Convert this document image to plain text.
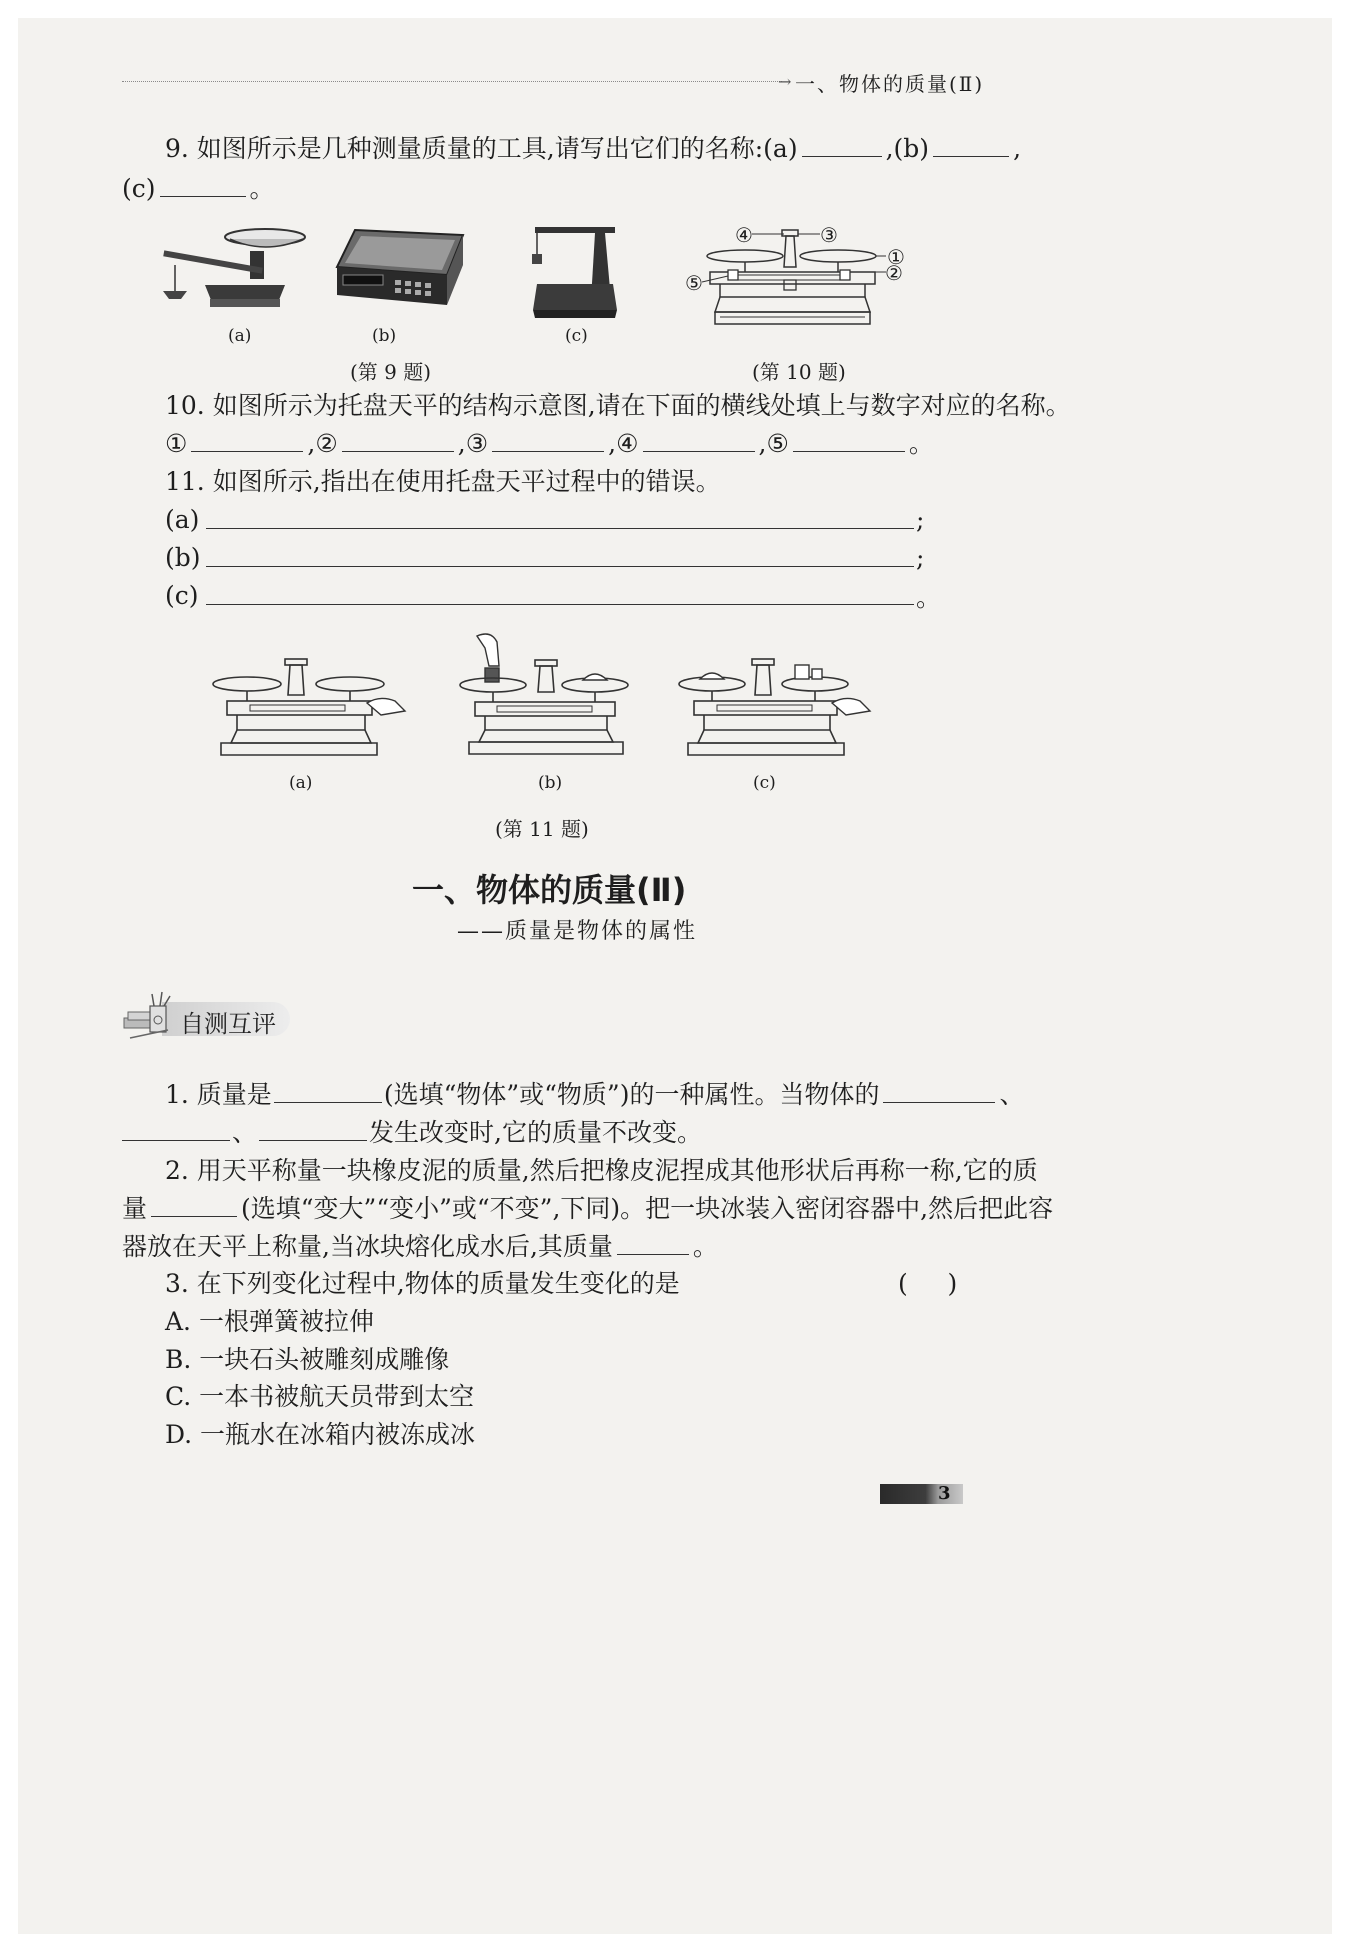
→ 一、物体的质量(Ⅱ)
9. 如图所示是几种测量质量的工具,请写出它们的名称:(a)	,(b)	,
(c)	。
(a)	(b)	(c)
(第 9 题)
④	③
①
②
⑤
(第 10 题)
10. 如图所示为托盘天平的结构示意图,请在下面的横线处填上与数字对应的名称。
①	,②	,③	,④	,⑤	。
11. 如图所示,指出在使用托盘天平过程中的错误。
(a)	;
(b)	;
(c)	。
(a)	(b)	(c)
(第 11 题)
一、物体的质量(Ⅱ)
——质量是物体的属性
自测互评
1. 质量是	(选填“物体”或“物质”)的一种属性。当物体的	、
、	发生改变时,它的质量不改变。
2. 用天平称量一块橡皮泥的质量,然后把橡皮泥捏成其他形状后再称一称,它的质
量	(选填“变大”“变小”或“不变”,下同)。把一块冰装入密闭容器中,然后把此容
器放在天平上称量,当冰块熔化成水后,其质量	。
3. 在下列变化过程中,物体的质量发生变化的是	(     )
A. 一根弹簧被拉伸
B. 一块石头被雕刻成雕像
C. 一本书被航天员带到太空
D. 一瓶水在冰箱内被冻成冰
3
